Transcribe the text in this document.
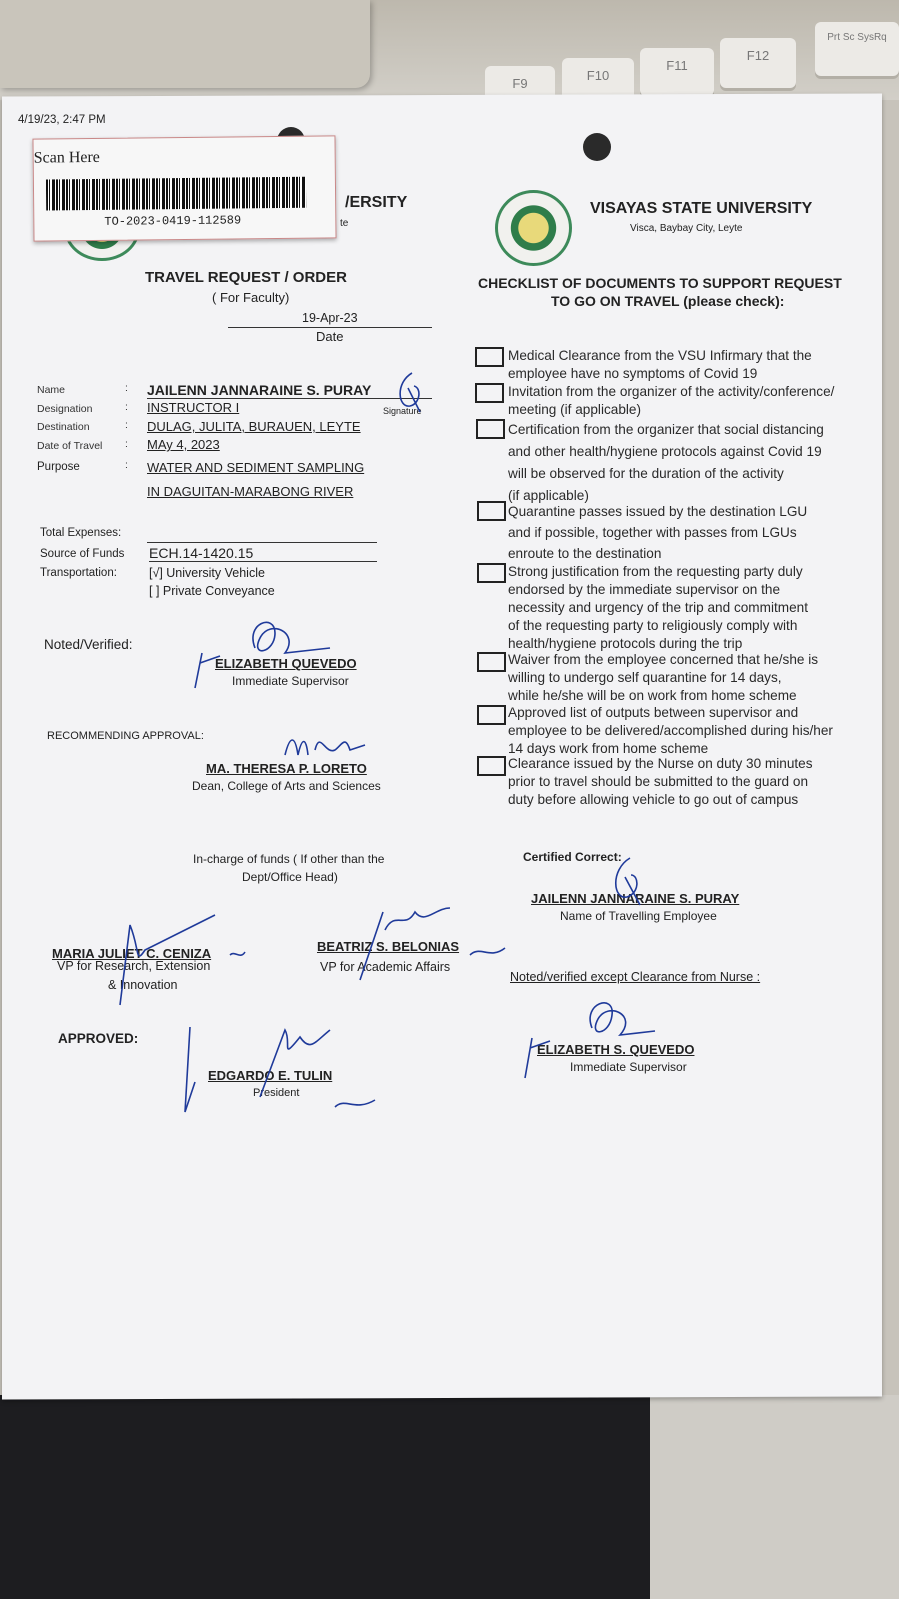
F9
F10
F11
F12
Prt Sc SysRq
/ERSITY
te
4/19/23, 2:47 PM
Scan Here
TO-2023-0419-112589
TRAVEL REQUEST / ORDER
( For Faculty)
19-Apr-23
Date
VISAYAS STATE UNIVERSITY
Visca, Baybay City, Leyte
CHECKLIST OF DOCUMENTS TO SUPPORT REQUEST
TO GO ON TRAVEL (please check):
Name	: JAILENN JANNARAINE S. PURAY
Signature
Designation	: INSTRUCTOR I
Destination	: DULAG, JULITA, BURAUEN, LEYTE
Date of Travel : MAy 4, 2023
Purpose	: WATER AND SEDIMENT SAMPLING
IN DAGUITAN-MARABONG RIVER
Total Expenses:
Source of Funds ECH.14-1420.15
Transportation:	[√] University Vehicle
[ ] Private Conveyance
Medical Clearance from the VSU Infirmary that the
employee have no symptoms of Covid 19
Invitation from the organizer of the activity/conference/
meeting (if applicable)
Certification from the organizer that social distancing
and other health/hygiene protocols against Covid 19
will be observed for the duration of the activity
(if applicable)
Quarantine passes issued by the destination LGU
and if possible, together with passes from LGUs
enroute to the destination
Strong justification from the requesting party duly
endorsed by the immediate supervisor on the
necessity and urgency of the trip and commitment
of the requesting party to religiously comply with
health/hygiene protocols during the trip
Waiver from the employee concerned that he/she is
willing to undergo self quarantine for 14 days,
while he/she will be on work from home scheme
Approved list of outputs between supervisor and
employee to be delivered/accomplished during his/her
14 days work from home scheme
Clearance issued by the Nurse on duty 30 minutes
prior to travel should be submitted to the guard on
duty before allowing vehicle to go out of campus
Noted/Verified:
ELIZABETH QUEVEDO
Immediate Supervisor
RECOMMENDING APPROVAL:
MA. THERESA P. LORETO
Dean, College of Arts and Sciences
In-charge of funds ( If other than the
Dept/Office Head)
Certified Correct:
JAILENN JANNARAINE S. PURAY
Name of Travelling Employee
MARIA JULIET C. CENIZA
VP for Research, Extension
& Innovation
BEATRIZ S. BELONIAS
VP for Academic Affairs
Noted/verified except Clearance from Nurse :
APPROVED:
EDGARDO E. TULIN
President
ELIZABETH S. QUEVEDO
Immediate Supervisor
